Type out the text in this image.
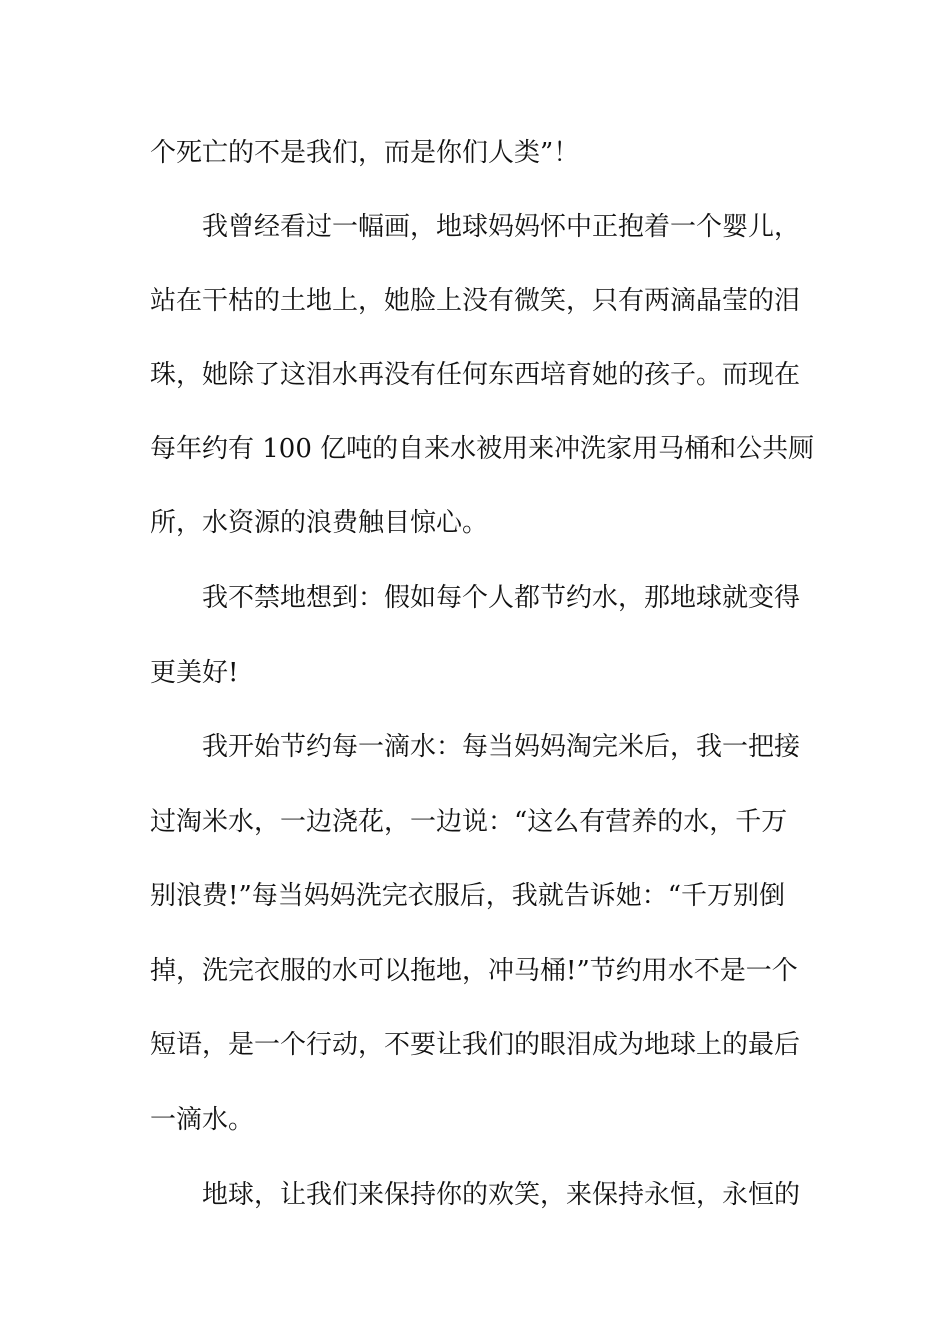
个死亡的不是我们，而是你们人类”！
我曾经看过一幅画，地球妈妈怀中正抱着一个婴儿，
站在干枯的土地上，她脸上没有微笑，只有两滴晶莹的泪
珠，她除了这泪水再没有任何东西培育她的孩子。而现在
每年约有 100 亿吨的自来水被用来冲洗家用马桶和公共厕
所，水资源的浪费触目惊心。
我不禁地想到：假如每个人都节约水，那地球就变得
更美好!
我开始节约每一滴水：每当妈妈淘完米后，我一把接
过淘米水，一边浇花，一边说：“这么有营养的水，千万
别浪费!”每当妈妈洗完衣服后，我就告诉她：“千万别倒
掉，洗完衣服的水可以拖地，冲马桶!”节约用水不是一个
短语，是一个行动，不要让我们的眼泪成为地球上的最后
一滴水。
地球，让我们来保持你的欢笑，来保持永恒，永恒的
